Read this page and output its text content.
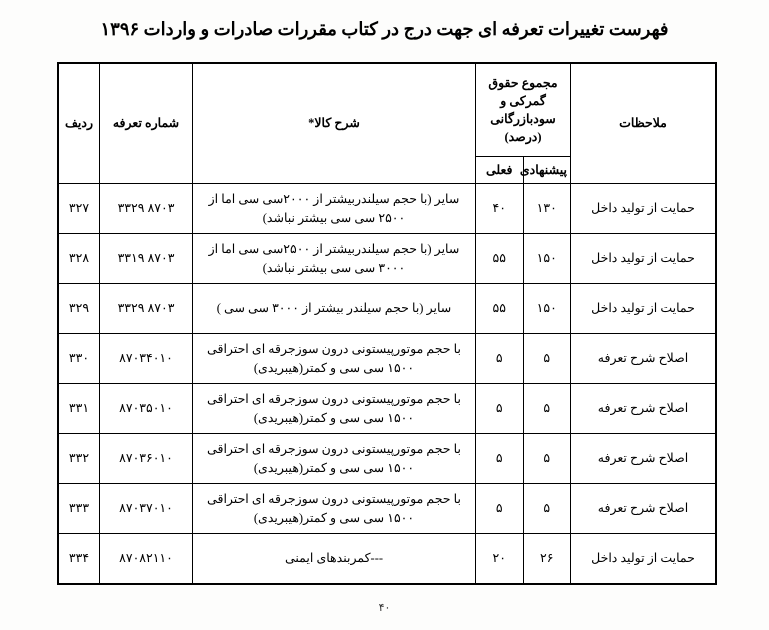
فهرست تغییرات تعرفه ای جهت درج در کتاب مقررات صادرات و واردات ۱۳۹۶
ملاحظات	مجموع حقوق
گمرکی و
سودبازرگانی
(درصد)		شرح کالا*	شماره تعرفه	ردیف
	پیشنهادی	فعلی			
حمایت از تولید داخل	۱۳۰	۴۰	سایر (با حجم سیلندربیشتر از ۲۰۰۰سی سی اما از ۲۵۰۰ سی سی بیشتر نباشد)	۸۷۰۳ ۳۳۲۹	۳۲۷
حمایت از تولید داخل	۱۵۰	۵۵	سایر (با حجم سیلندربیشتر از ۲۵۰۰سی سی اما از ۳۰۰۰ سی سی بیشتر نباشد)	۸۷۰۳ ۳۳۱۹	۳۲۸
حمایت از تولید داخل	۱۵۰	۵۵	سایر (با حجم سیلندر بیشتر از ۳۰۰۰ سی سی )	۸۷۰۳ ۳۳۲۹	۳۲۹
اصلاح شرح تعرفه	۵	۵	با حجم موتورپیستونی درون سوزجرقه ای احتراقی ۱۵۰۰ سی سی و کمتر(هیبریدی)	۸۷۰۳۴۰۱۰	۳۳۰
اصلاح شرح تعرفه	۵	۵	با حجم موتورپیستونی درون سوزجرقه ای احتراقی ۱۵۰۰ سی سی و کمتر(هیبریدی)	۸۷۰۳۵۰۱۰	۳۳۱
اصلاح شرح تعرفه	۵	۵	با حجم موتورپیستونی درون سوزجرقه ای احتراقی ۱۵۰۰ سی سی و کمتر(هیبریدی)	۸۷۰۳۶۰۱۰	۳۳۲
اصلاح شرح تعرفه	۵	۵	با حجم موتورپیستونی درون سوزجرقه ای احتراقی ۱۵۰۰ سی سی و کمتر(هیبریدی)	۸۷۰۳۷۰۱۰	۳۳۳
حمایت از تولید داخل	۲۶	۲۰	---کمربندهای ایمنی	۸۷۰۸۲۱۱۰	۳۳۴
۴۰
